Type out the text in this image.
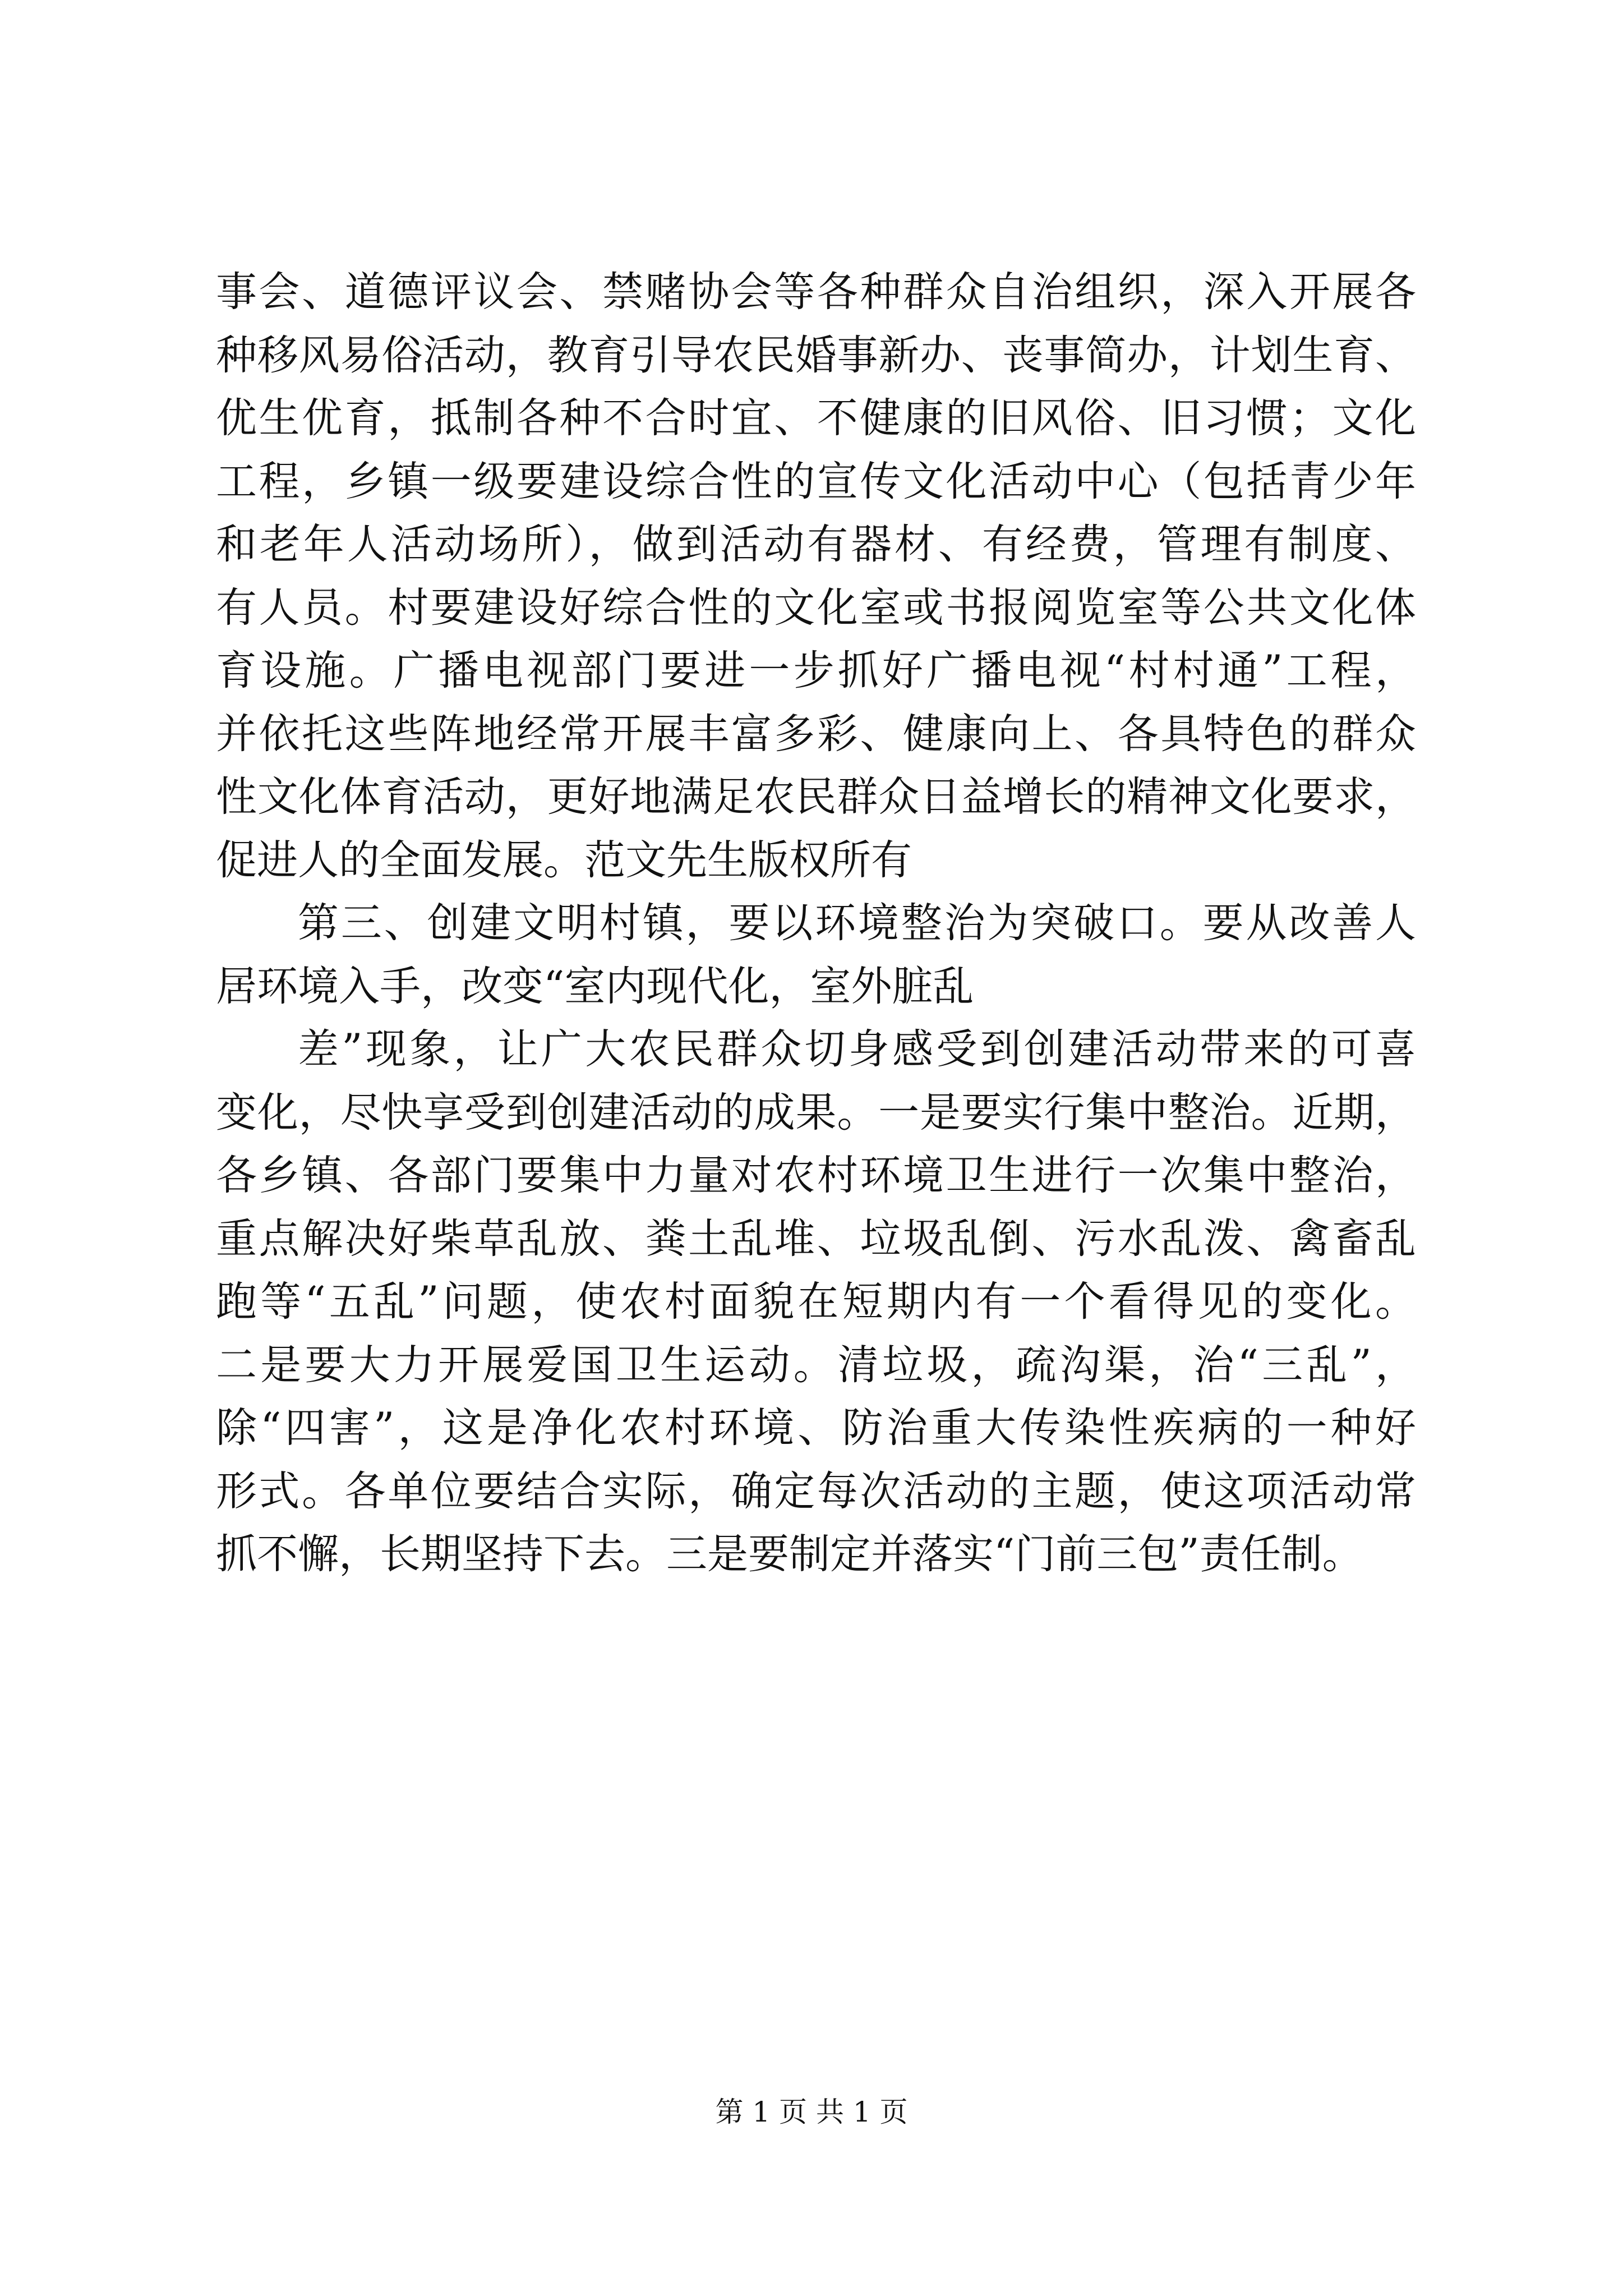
事会、道德评议会、禁赌协会等各种群众自治组织，深入开展各
种移风易俗活动，教育引导农民婚事新办、丧事简办，计划生育、
优生优育，抵制各种不合时宜、不健康的旧风俗、旧习惯；文化
工程，乡镇一级要建设综合性的宣传文化活动中心（包括青少年
和老年人活动场所），做到活动有器材、有经费，管理有制度、
有人员。村要建设好综合性的文化室或书报阅览室等公共文化体
育设施。广播电视部门要进一步抓好广播电视“村村通”工程，
并依托这些阵地经常开展丰富多彩、健康向上、各具特色的群众
性文化体育活动，更好地满足农民群众日益增长的精神文化要求，
促进人的全面发展。范文先生版权所有
第三、创建文明村镇，要以环境整治为突破口。要从改善人
居环境入手，改变“室内现代化，室外脏乱
差”现象，让广大农民群众切身感受到创建活动带来的可喜
变化，尽快享受到创建活动的成果。一是要实行集中整治。近期，
各乡镇、各部门要集中力量对农村环境卫生进行一次集中整治，
重点解决好柴草乱放、粪土乱堆、垃圾乱倒、污水乱泼、禽畜乱
跑等“五乱”问题，使农村面貌在短期内有一个看得见的变化。
二是要大力开展爱国卫生运动。清垃圾，疏沟渠，治“三乱”，
除“四害”，这是净化农村环境、防治重大传染性疾病的一种好
形式。各单位要结合实际，确定每次活动的主题，使这项活动常
抓不懈，长期坚持下去。三是要制定并落实“门前三包”责任制。
第 1 页 共 1 页
